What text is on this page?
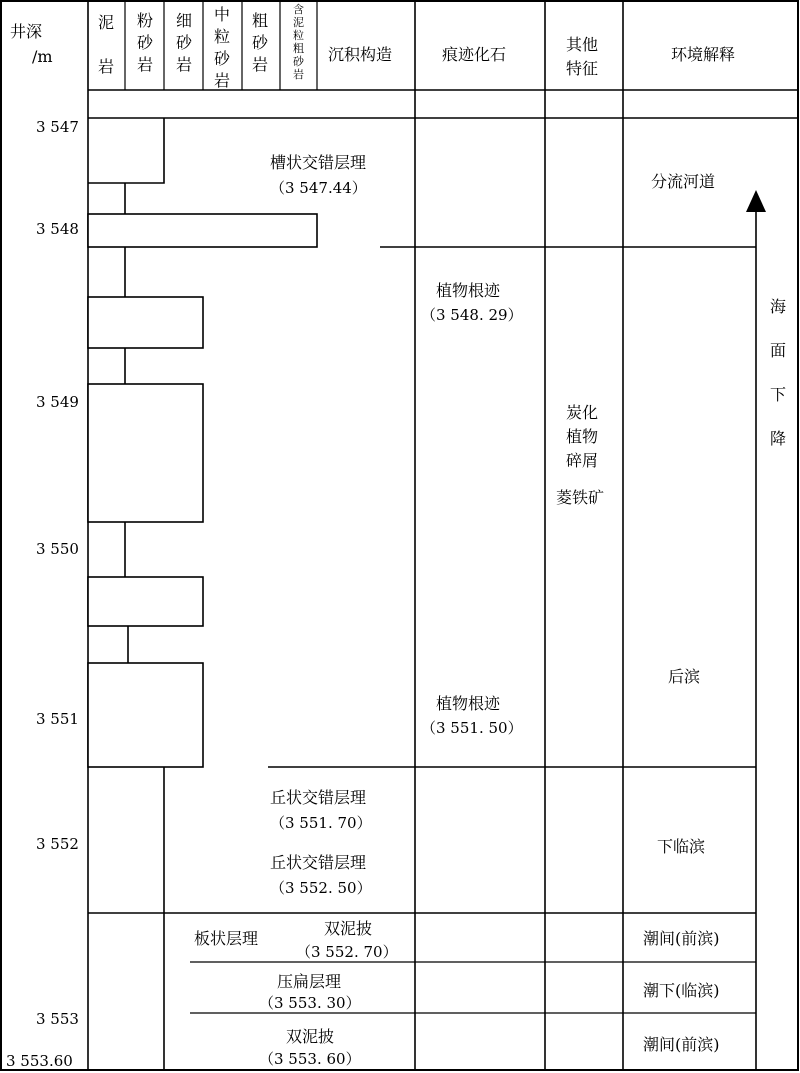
井深
/m
泥
岩
粉
砂
岩
细
砂
岩
中
粒
砂
岩
粗
砂
岩
含
泥
粒
粗
砂
岩
沉积构造	痕迹化石
其他
特征
环境解释
3 547
3 548
3 549
3 550
3 551
3 552
3 553
3 553.60
槽状交错层理
（3 547.44）
丘状交错层理
（3 551. 70）
丘状交错层理
（3 552. 50）
板状层理
双泥披
（3 552. 70）
压扁层理
（3 553. 30）
双泥披
（3 553. 60）
植物根迹
（3 548. 29）
植物根迹
（3 551. 50）
炭化
植物
碎屑
菱铁矿
分流河道
后滨
下临滨
潮间(前滨)
潮下(临滨)
潮间(前滨)
海
面
下
降
